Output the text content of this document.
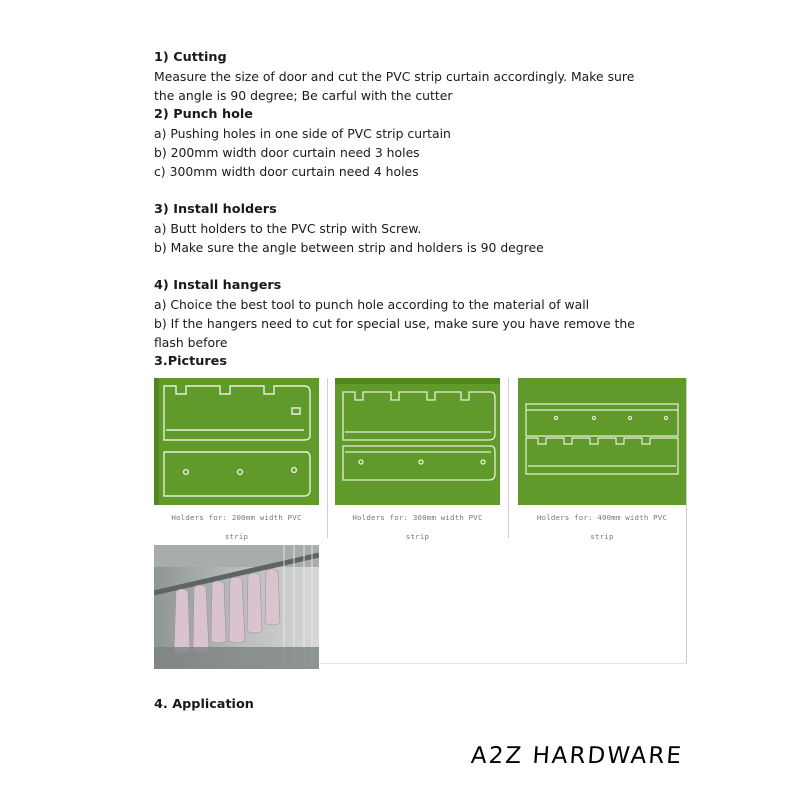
1) Cutting
Measure the size of door and cut the PVC strip curtain accordingly. Make sure
the angle is 90 degree; Be carful with the cutter
2) Punch hole
a) Pushing holes in one side of PVC strip curtain
b) 200mm width door curtain need 3 holes
c) 300mm width door curtain need 4 holes
3) Install holders
a) Butt holders to the PVC strip with Screw.
b) Make sure the angle between strip and holders is 90 degree
4) Install hangers
a) Choice the best tool to punch hole according to the material of wall
b) If the hangers need to cut for special use, make sure you have remove the
flash before
3.Pictures
Holders for: 200mm width PVC
strip
Holders for: 300mm width PVC
strip
Holders for: 400mm width PVC
strip
4. Application
A2Z HARDWARE
